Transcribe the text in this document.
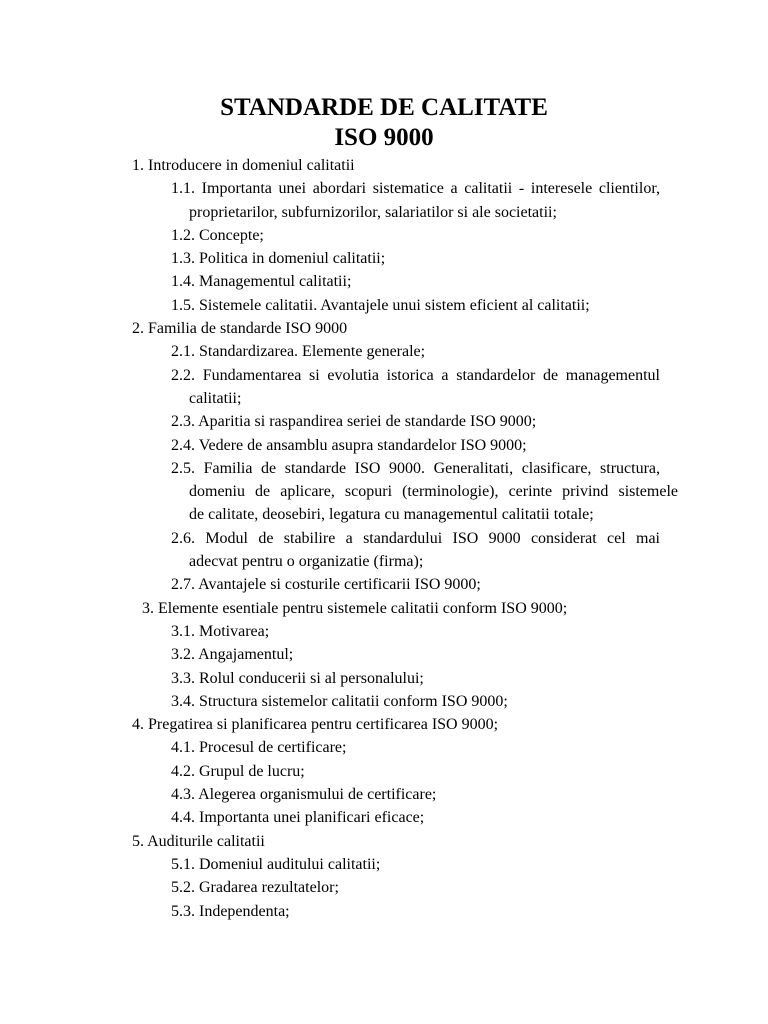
STANDARDE DE CALITATE
ISO 9000
1. Introducere in domeniul calitatii
1.1. Importanta unei abordari sistematice a calitatii - interesele clientilor,
proprietarilor, subfurnizorilor, salariatilor si ale societatii;
1.2. Concepte;
1.3. Politica in domeniul calitatii;
1.4. Managementul calitatii;
1.5. Sistemele calitatii. Avantajele unui sistem eficient al calitatii;
2. Familia de standarde ISO 9000
2.1. Standardizarea. Elemente generale;
2.2. Fundamentarea si evolutia istorica a standardelor de managementul
calitatii;
2.3. Aparitia si raspandirea seriei de standarde ISO 9000;
2.4. Vedere de ansamblu asupra standardelor ISO 9000;
2.5. Familia de standarde ISO 9000. Generalitati, clasificare, structura,
domeniu de aplicare, scopuri (terminologie), cerinte privind sistemele
de calitate, deosebiri, legatura cu managementul calitatii totale;
2.6. Modul de stabilire a standardului ISO 9000 considerat cel mai
adecvat pentru o organizatie (firma);
2.7. Avantajele si costurile certificarii ISO 9000;
3. Elemente esentiale pentru sistemele calitatii conform ISO 9000;
3.1. Motivarea;
3.2. Angajamentul;
3.3. Rolul conducerii si al personalului;
3.4. Structura sistemelor calitatii conform ISO 9000;
4. Pregatirea si planificarea pentru certificarea ISO 9000;
4.1. Procesul de certificare;
4.2. Grupul de lucru;
4.3. Alegerea organismului de certificare;
4.4. Importanta unei planificari eficace;
5. Auditurile calitatii
5.1. Domeniul auditului calitatii;
5.2. Gradarea rezultatelor;
5.3. Independenta;
